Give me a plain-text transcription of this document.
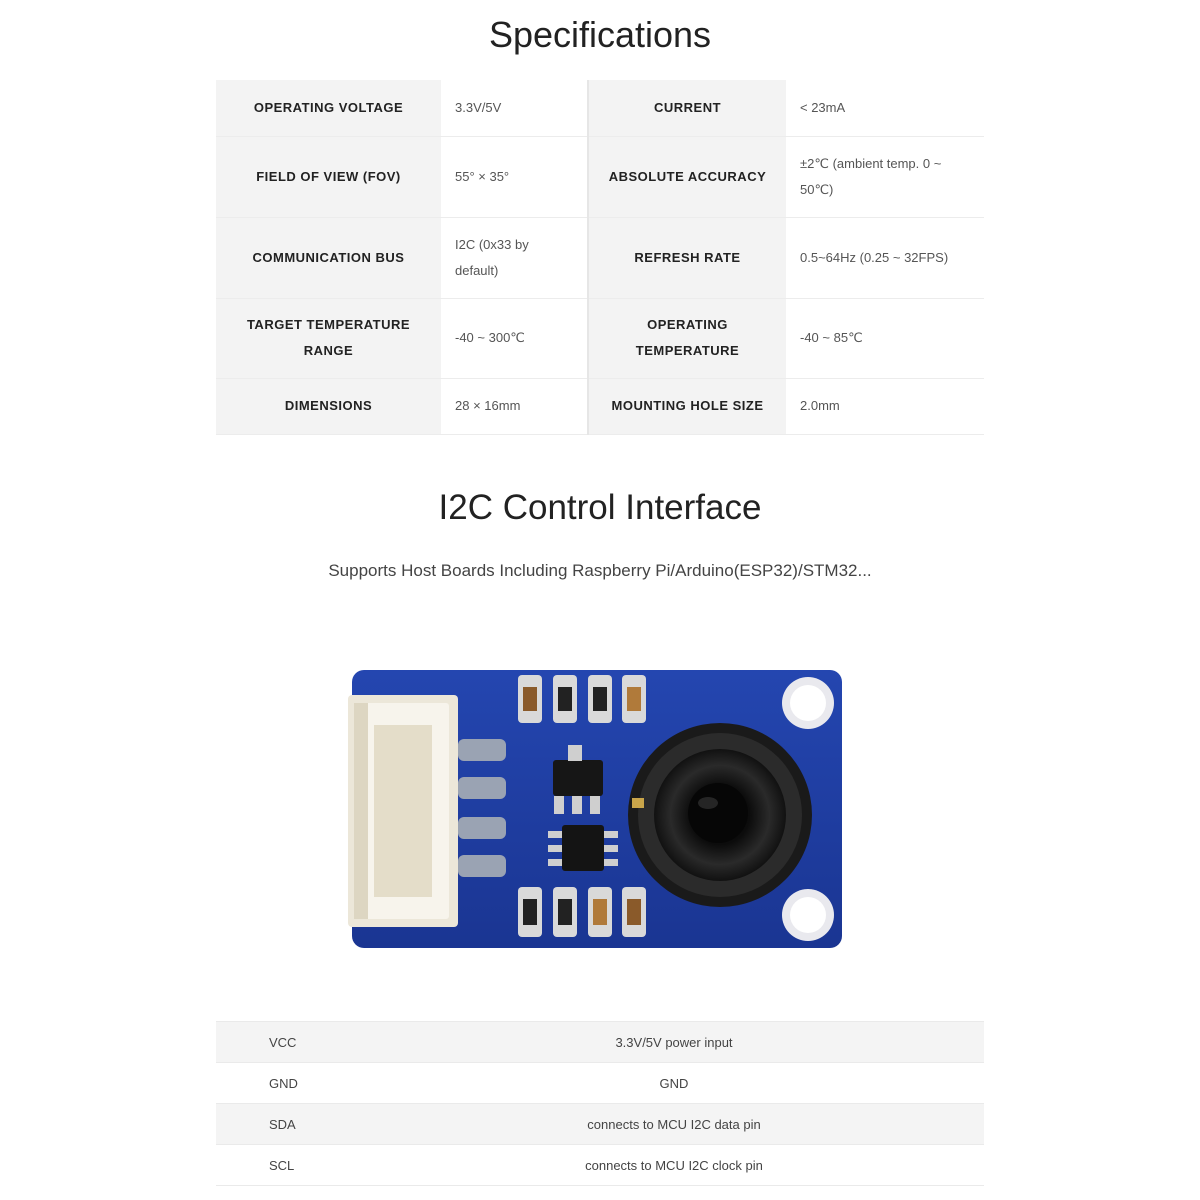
Specifications
OPERATING VOLTAGE	3.3V/5V	CURRENT	< 23mA
FIELD OF VIEW (FOV)	55° × 35°	ABSOLUTE ACCURACY	±2℃ (ambient temp. 0 ~ 50℃)
COMMUNICATION BUS	I2C (0x33 by default)	REFRESH RATE	0.5~64Hz (0.25 ~ 32FPS)
TARGET TEMPERATURE RANGE	-40 ~ 300℃	OPERATING TEMPERATURE	-40 ~ 85℃
DIMENSIONS	28 × 16mm	MOUNTING HOLE SIZE	2.0mm
I2C Control Interface
Supports Host Boards Including Raspberry Pi/Arduino(ESP32)/STM32...
VCC	3.3V/5V power input
GND	GND
SDA	connects to MCU I2C data pin
SCL	connects to MCU I2C clock pin
